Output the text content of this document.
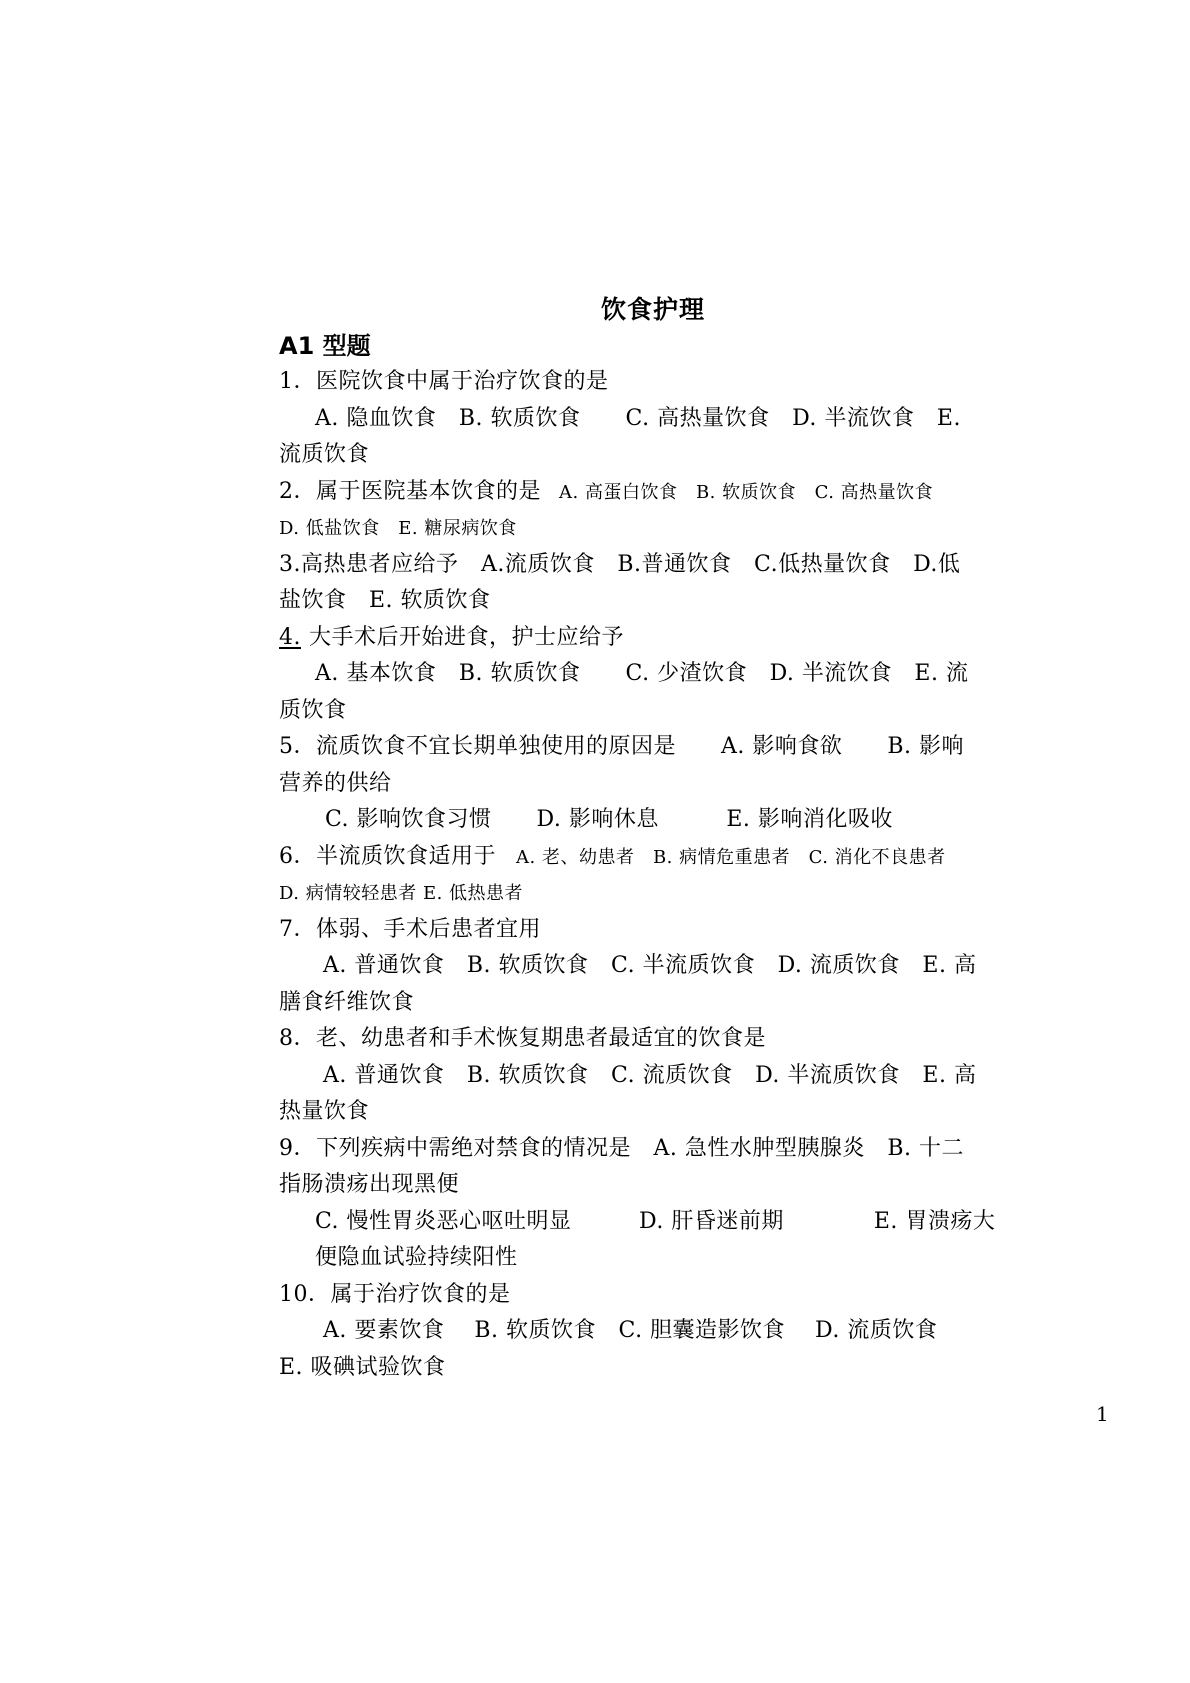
饮食护理

A1 型题

1．医院饮食中属于治疗饮食的是

A. 隐血饮食　B. 软质饮食　　C. 高热量饮食　D. 半流饮食　E.

流质饮食

2．属于医院基本饮食的是 A. 高蛋白饮食　B. 软质饮食　C. 高热量饮食

D. 低盐饮食　E. 糖尿病饮食

3.高热患者应给予　A.流质饮食　B.普通饮食　C.低热量饮食　D.低

盐饮食　E. 软质饮食

4. 大手术后开始进食，护士应给予

A. 基本饮食　B. 软质饮食　　C. 少渣饮食　D. 半流饮食　E. 流

质饮食

5．流质饮食不宜长期单独使用的原因是　　A. 影响食欲　　B. 影响

营养的供给

C. 影响饮食习惯　　D. 影响休息　　　E. 影响消化吸收

6．半流质饮食适用于 A. 老、幼患者　B. 病情危重患者　C. 消化不良患者

D. 病情较轻患者 E. 低热患者

7．体弱、手术后患者宜用

A. 普通饮食　B. 软质饮食　C. 半流质饮食　D. 流质饮食　E. 高

膳食纤维饮食

8．老、幼患者和手术恢复期患者最适宜的饮食是

A. 普通饮食　B. 软质饮食　C. 流质饮食　D. 半流质饮食　E. 高

热量饮食

9．下列疾病中需绝对禁食的情况是　A. 急性水肿型胰腺炎　B. 十二

指肠溃疡出现黑便

C. 慢性胃炎恶心呕吐明显　　　D. 肝昏迷前期　　　　E. 胃溃疡大

便隐血试验持续阳性

10．属于治疗饮食的是

A. 要素饮食　 B. 软质饮食　C. 胆囊造影饮食　 D. 流质饮食

E. 吸碘试验饮食

1
